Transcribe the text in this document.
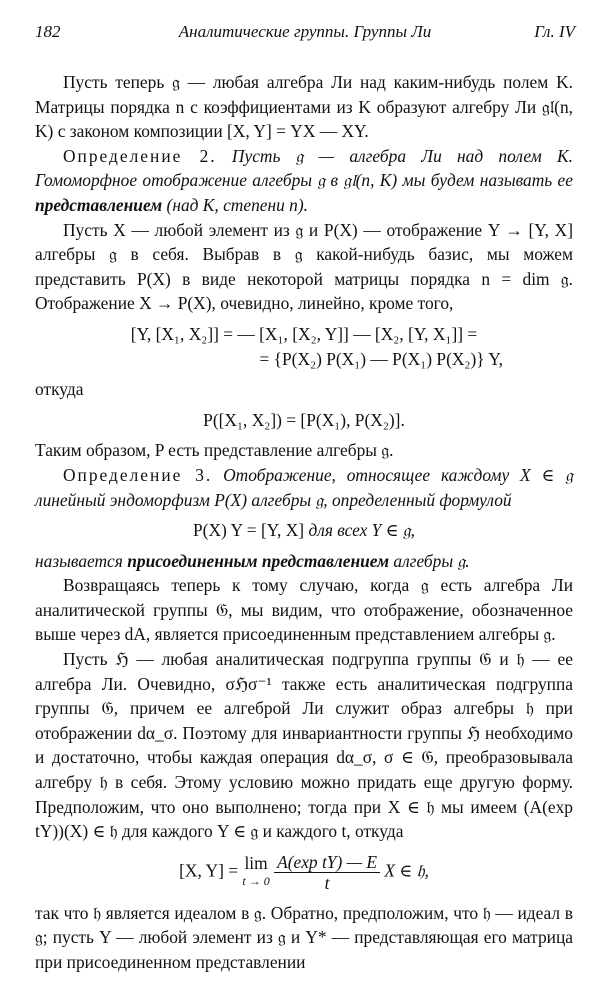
182	Аналитические группы. Группы Ли	Гл. IV

Пусть теперь 𝔤 — любая алгебра Ли над каким-нибудь полем K. Матрицы порядка n с коэффициентами из K образуют алгебру Ли 𝔤𝔩(n, K) с законом композиции [X, Y] = YX — XY.

Определение 2. Пусть 𝔤 — алгебра Ли над полем K. Гомоморфное отображение алгебры 𝔤 в 𝔤𝔩(n, K) мы будем называть ее представлением (над K, степени n).

Пусть X — любой элемент из 𝔤 и P(X) — отображение Y → [Y, X] алгебры 𝔤 в себя. Выбрав в 𝔤 какой-нибудь базис, мы можем представить P(X) в виде некоторой матрицы порядка n = dim 𝔤. Отображение X → P(X), очевидно, линейно, кроме того,

[Y, [X₁, X₂]] = — [X₁, [X₂, Y]] — [X₂, [Y, X₁]] =

= {P(X₂) P(X₁) — P(X₁) P(X₂)} Y,

откуда

P([X₁, X₂]) = [P(X₁), P(X₂)].

Таким образом, P есть представление алгебры 𝔤.

Определение 3. Отображение, относящее каждому X ∈ 𝔤 линейный эндоморфизм P(X) алгебры 𝔤, определенный формулой

P(X) Y = [Y, X] для всех Y ∈ 𝔤,

называется присоединенным представлением алгебры 𝔤.

Возвращаясь теперь к тому случаю, когда 𝔤 есть алгебра Ли аналитической группы 𝔊, мы видим, что отображение, обозначенное выше через dA, является присоединенным представлением алгебры 𝔤.

Пусть ℌ — любая аналитическая подгруппа группы 𝔊 и 𝔥 — ее алгебра Ли. Очевидно, σℌσ⁻¹ также есть аналитическая подгруппа группы 𝔊, причем ее алгеброй Ли служит образ алгебры 𝔥 при отображении dα_σ. Поэтому для инвариантности группы ℌ необходимо и достаточно, чтобы каждая операция dα_σ, σ ∈ 𝔊, преобразовывала алгебру 𝔥 в себя. Этому условию можно придать еще другую форму. Предположим, что оно выполнено; тогда при X ∈ 𝔥 мы имеем (A(exp tY))(X) ∈ 𝔥 для каждого Y ∈ 𝔤 и каждого t, откуда

[X, Y] = lim
t → 0
$\frac{\text{A(exp tY) — E}}{t}$ X ∈ 𝔥,

так что 𝔥 является идеалом в 𝔤. Обратно, предположим, что 𝔥 — идеал в 𝔤; пусть Y — любой элемент из 𝔤 и Y* — представляющая его матрица при присоединенном представлении
